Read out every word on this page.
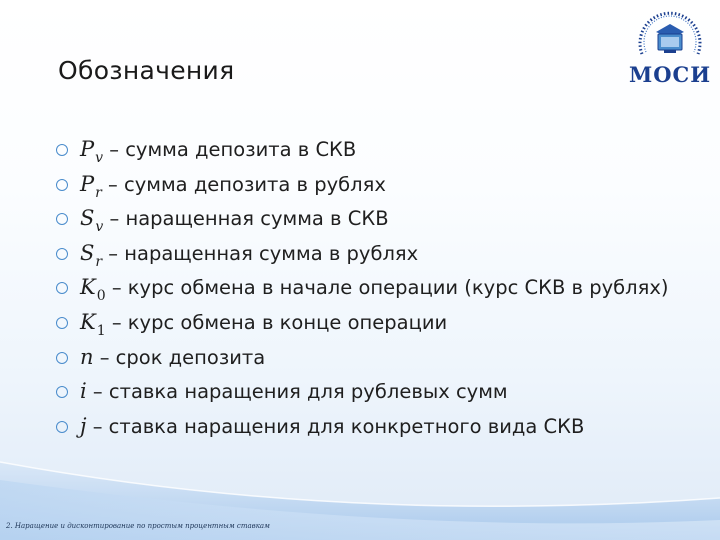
Обозначения	МОСИ
$P_v$ – сумма депозита в СКВ
$P_r$ – сумма депозита в рублях
$S_v$ – наращенная сумма в СКВ
$S_r$ – наращенная сумма в рублях
$K_0$ – курс обмена в начале операции (курс СКВ в рублях)
$K_1$ – курс обмена в конце операции
n – срок депозита
i – ставка наращения для рублевых сумм
j – ставка наращения для конкретного вида СКВ
2. Наращение и дисконтирование по простым процентным ставкам
